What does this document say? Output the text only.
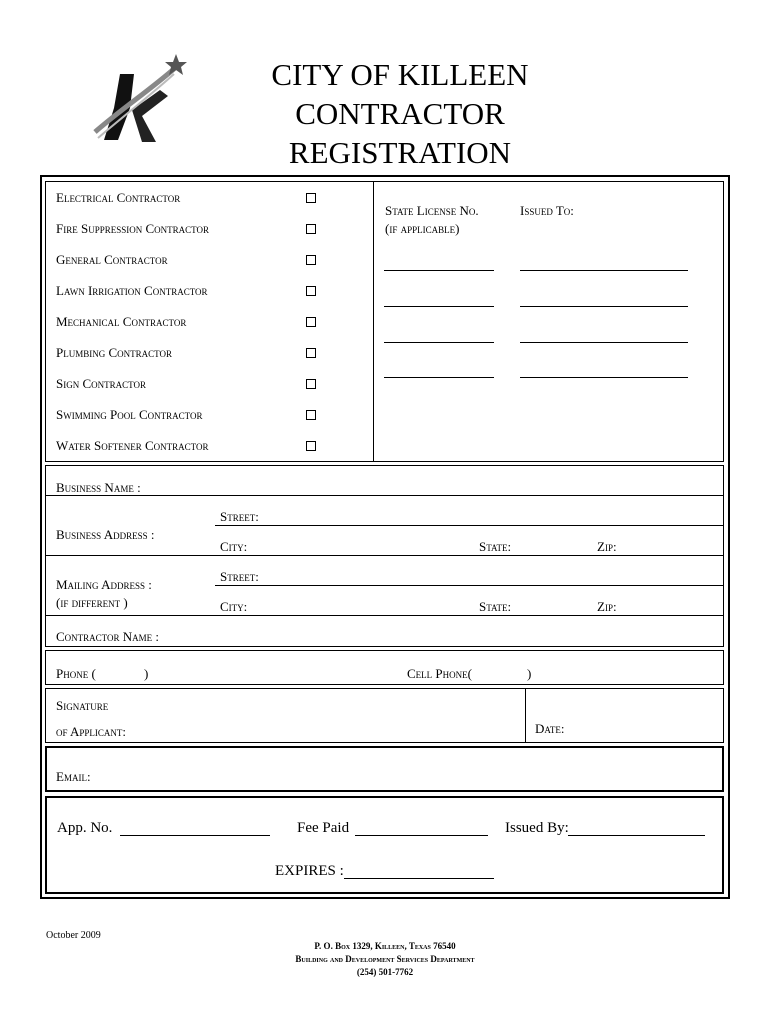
CITY OF KILLEEN
CONTRACTOR
REGISTRATION
Electrical Contractor
Fire Suppression Contractor
General Contractor
Lawn Irrigation Contractor
Mechanical Contractor
Plumbing Contractor
Sign Contractor
Swimming Pool Contractor
Water Softener Contractor
State License No.
(if applicable)
Issued To:
Business Name :
Business Address :
Street:
City:	State:	Zip:
Mailing Address :
(if different )
Street:
City:	State:	Zip:
Contractor Name :
Phone (	)	Cell Phone(	)
Signature
of Applicant:	Date:
Email:
App. No.	Fee Paid	Issued By:
EXPIRES :
October 2009
P. O. Box 1329, Killeen, Texas 76540
Building and Development Services Department
(254) 501-7762
